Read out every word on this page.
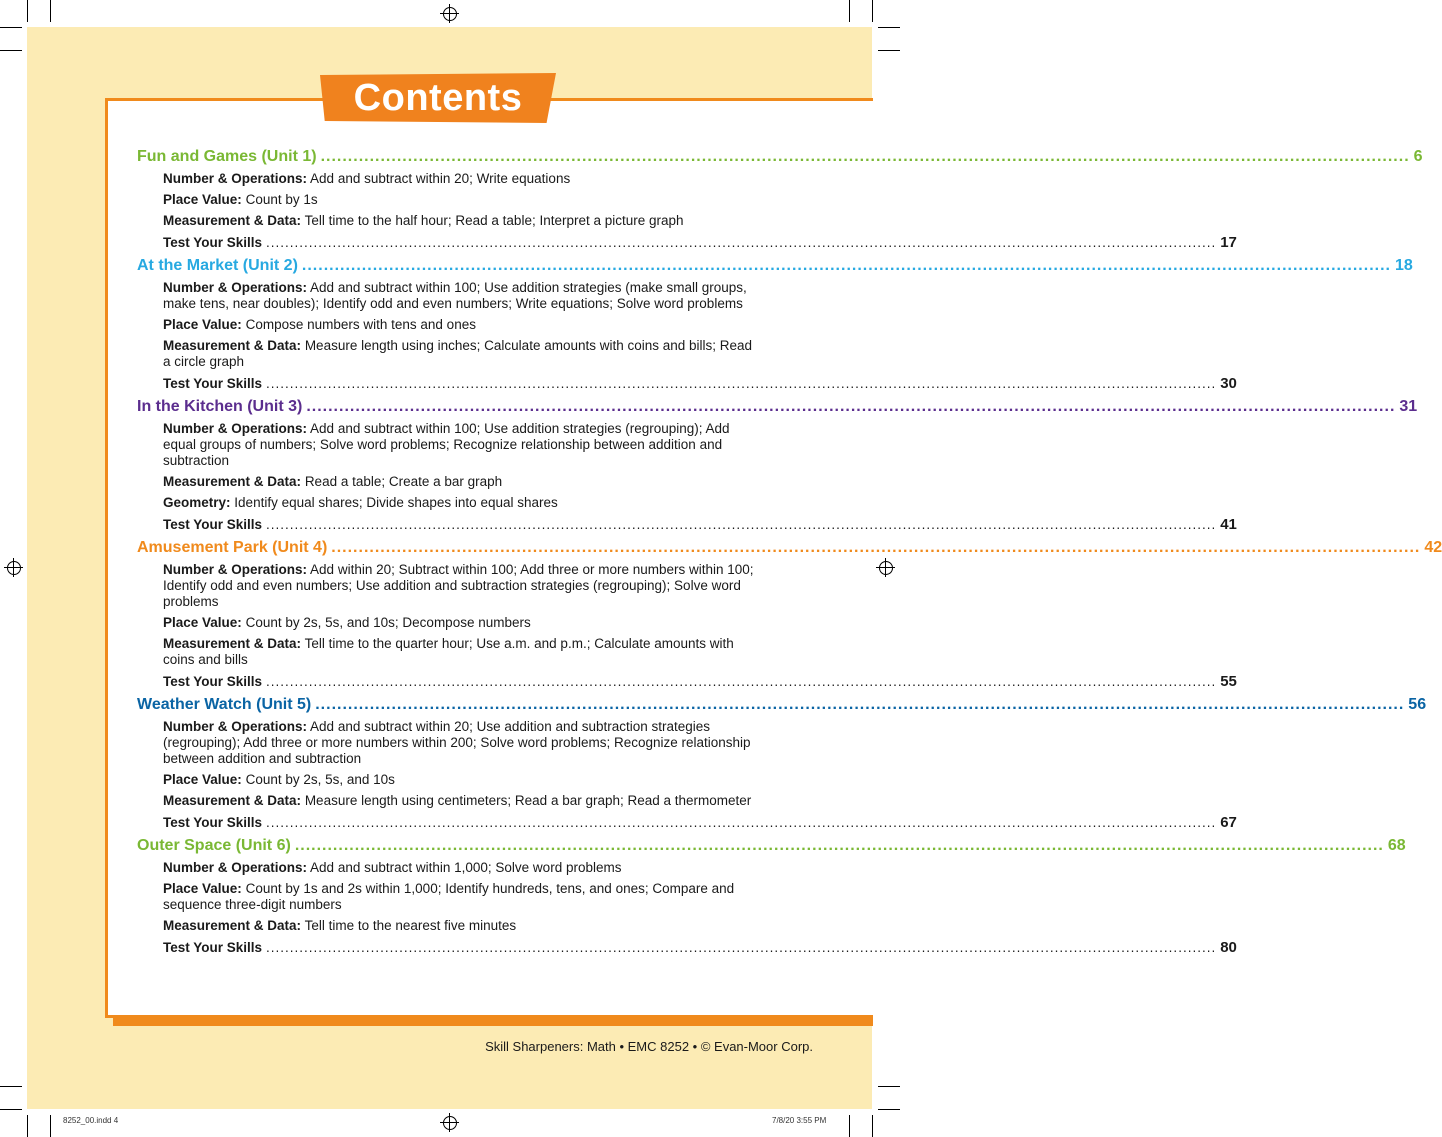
Contents
Fun and Games (Unit 1) ........................................................................................................................................................................................................ 6
Number & Operations: Add and subtract within 20; Write equations
Place Value: Count by 1s
Measurement & Data: Tell time to the half hour; Read a table; Interpret a picture graph
Test Your Skills ........................................................................................................................................................................................................ 17
At the Market (Unit 2) ........................................................................................................................................................................................................ 18
Number & Operations: Add and subtract within 100; Use addition strategies (make small groups, make tens, near doubles); Identify odd and even numbers; Write equations; Solve word problems
Place Value: Compose numbers with tens and ones
Measurement & Data: Measure length using inches; Calculate amounts with coins and bills; Read a circle graph
Test Your Skills ........................................................................................................................................................................................................ 30
In the Kitchen (Unit 3) ........................................................................................................................................................................................................ 31
Number & Operations: Add and subtract within 100; Use addition strategies (regrouping); Add equal groups of numbers; Solve word problems; Recognize relationship between addition and subtraction
Measurement & Data: Read a table; Create a bar graph
Geometry: Identify equal shares; Divide shapes into equal shares
Test Your Skills ........................................................................................................................................................................................................ 41
Amusement Park (Unit 4) ........................................................................................................................................................................................................ 42
Number & Operations: Add within 20; Subtract within 100; Add three or more numbers within 100; Identify odd and even numbers; Use addition and subtraction strategies (regrouping); Solve word problems
Place Value: Count by 2s, 5s, and 10s; Decompose numbers
Measurement & Data: Tell time to the quarter hour; Use a.m. and p.m.; Calculate amounts with coins and bills
Test Your Skills ........................................................................................................................................................................................................ 55
Weather Watch (Unit 5) ........................................................................................................................................................................................................ 56
Number & Operations: Add and subtract within 20; Use addition and subtraction strategies (regrouping); Add three or more numbers within 200; Solve word problems; Recognize relationship between addition and subtraction
Place Value: Count by 2s, 5s, and 10s
Measurement & Data: Measure length using centimeters; Read a bar graph; Read a thermometer
Test Your Skills ........................................................................................................................................................................................................ 67
Outer Space (Unit 6) ........................................................................................................................................................................................................ 68
Number & Operations: Add and subtract within 1,000; Solve word problems
Place Value: Count by 1s and 2s within 1,000; Identify hundreds, tens, and ones; Compare and sequence three-digit numbers
Measurement & Data: Tell time to the nearest five minutes
Test Your Skills ........................................................................................................................................................................................................ 80
Skill Sharpeners: Math • EMC 8252 • © Evan-Moor Corp.
8252_00.indd 4	7/8/20 3:55 PM
